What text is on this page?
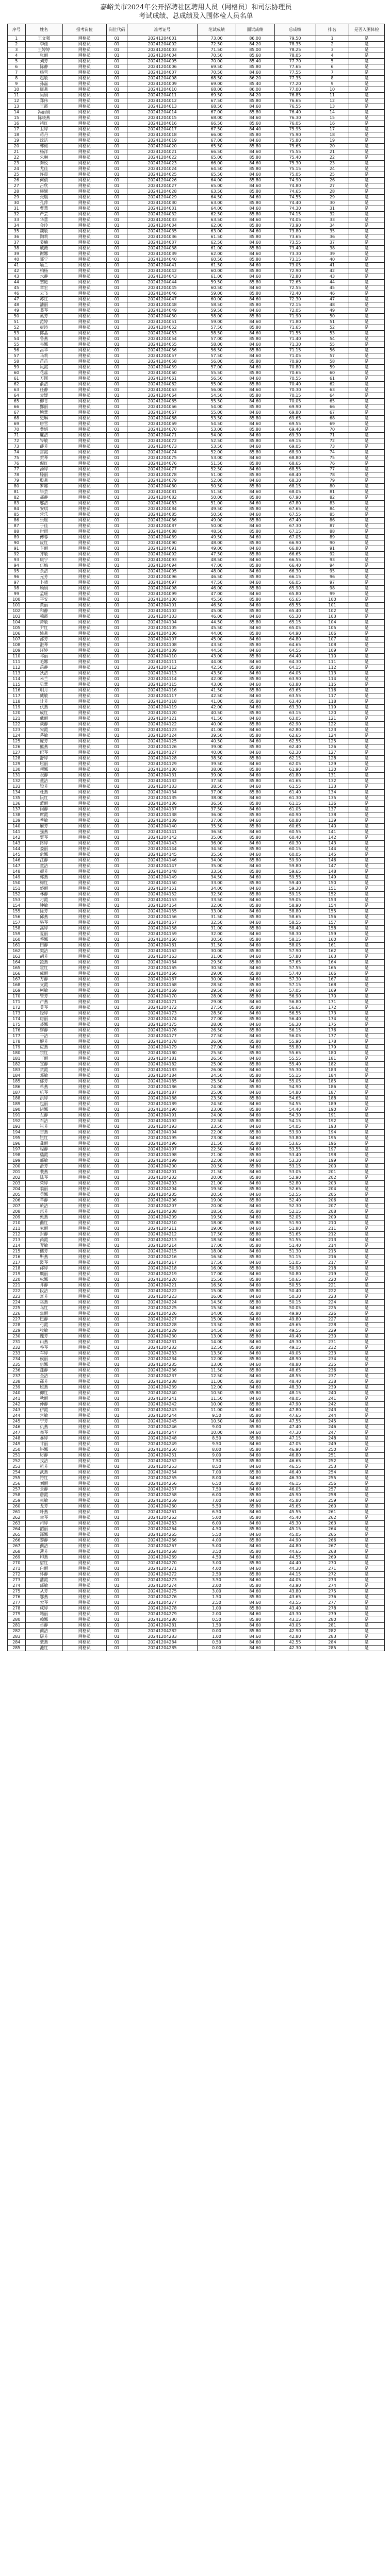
嘉峪关市2024年公开招聘社区聘用人员（网格员）和司法协理员
考试成绩、总成绩及入围体检人员名单
序号	姓名	报考岗位	岗位代码	准考证号	笔试成绩	面试成绩	总成绩	排名	是否入围体检
1	王文强	网格员	01	20241204001	73.00	86.00	79.50	1	是
2	李佳	网格员	01	20241204002	72.50	84.20	78.35	2	是
3	王婷婷	网格员	01	20241204003	71.50	85.00	78.25	3	是
4	张丽	网格员	01	20241204004	70.50	85.60	78.05	4	是
5	刘芳	网格员	01	20241204005	70.00	85.40	77.70	5	是
6	陈静	网格员	01	20241204006	69.50	85.80	77.65	6	是
7	杨雪	网格员	01	20241204007	70.50	84.60	77.55	7	是
8	赵敏	网格员	01	20241204008	68.50	86.20	77.35	8	是
9	孙磊	网格员	01	20241204009	69.00	85.40	77.20	9	是
10	周燕	网格员	01	20241204010	68.00	86.00	77.00	10	是
11	吴娟	网格员	01	20241204011	69.50	84.20	76.85	11	是
12	郑伟	网格员	01	20241204012	67.50	85.80	76.65	12	是
13	王霞	网格员	01	20241204013	68.50	84.60	76.55	13	是
14	冯丽娟	网格员	01	20241204014	67.00	85.80	76.40	14	是
15	陈晓燕	网格员	01	20241204015	68.00	84.60	76.30	15	是
16	褚红	网格员	01	20241204016	66.50	85.60	76.05	16	是
17	卫婷	网格员	01	20241204017	67.50	84.40	75.95	17	是
18	蒋丹	网格员	01	20241204018	66.00	85.80	75.90	18	是
19	沈洁	网格员	01	20241204019	67.00	84.60	75.80	19	是
20	韩梅	网格员	01	20241204020	65.50	85.80	75.65	20	是
21	杨洋	网格员	01	20241204021	66.50	84.60	75.55	21	是
22	朱琳	网格员	01	20241204022	65.00	85.80	75.40	22	是
23	秦悦	网格员	01	20241204023	66.00	84.60	75.30	23	是
24	尤佳	网格员	01	20241204024	64.50	85.80	75.15	24	是
25	许晨	网格员	01	20241204025	65.50	84.60	75.05	25	是
26	何倩	网格员	01	20241204026	64.00	85.80	74.90	26	是
27	吕欣	网格员	01	20241204027	65.00	84.60	74.80	27	是
28	施颖	网格员	01	20241204028	63.50	85.80	74.65	28	是
29	张瑞	网格员	01	20241204029	64.50	84.60	74.55	29	是
30	孔萍	网格员	01	20241204030	63.00	85.80	74.40	30	是
31	曹慧	网格员	01	20241204031	64.00	84.60	74.30	31	是
32	严芸	网格员	01	20241204032	62.50	85.80	74.15	32	是
33	华蕾	网格员	01	20241204033	63.50	84.60	74.05	33	是
34	金玲	网格员	01	20241204034	62.00	85.80	73.90	34	是
35	魏敏	网格员	01	20241204035	63.00	84.60	73.80	35	是
36	陶莉	网格员	01	20241204036	61.50	85.80	73.65	36	是
37	姜楠	网格员	01	20241204037	62.50	84.60	73.55	37	是
38	戚薇	网格员	01	20241204038	61.00	85.80	73.40	38	是
39	谢娜	网格员	01	20241204039	62.00	84.60	73.30	39	是
40	邹宁	网格员	01	20241204040	60.50	85.80	73.15	40	是
41	喻兰	网格员	01	20241204041	61.50	84.60	73.05	41	是
42	柏杨	网格员	01	20241204042	60.00	85.80	72.90	42	是
43	水静	网格员	01	20241204043	61.00	84.60	72.80	43	是
44	窦艳	网格员	01	20241204044	59.50	85.80	72.65	44	是
45	章宏	网格员	01	20241204045	60.50	84.60	72.55	45	是
46	云飞	网格员	01	20241204046	59.00	85.80	72.40	46	是
47	苏红	网格员	01	20241204047	60.00	84.60	72.30	47	是
48	潘丽	网格员	01	20241204048	58.50	85.80	72.15	48	是
49	葛琴	网格员	01	20241204049	59.50	84.60	72.05	49	是
50	奚芳	网格员	01	20241204050	58.00	85.80	71.90	50	是
51	范婷	网格员	01	20241204051	59.00	84.60	71.80	51	是
52	彭涛	网格员	01	20241204052	57.50	85.80	71.65	52	是
53	郎晶	网格员	01	20241204053	58.50	84.60	71.55	53	是
54	鲁燕	网格员	01	20241204054	57.00	85.80	71.40	54	是
55	韦娜	网格员	01	20241204055	58.00	84.60	71.30	55	是
56	昌华	网格员	01	20241204056	56.50	85.80	71.15	56	是
57	马莉	网格员	01	20241204057	57.50	84.60	71.05	57	是
58	苗苗	网格员	01	20241204058	56.00	85.80	70.90	58	是
59	凤霞	网格员	01	20241204059	57.00	84.60	70.80	59	是
60	花蕊	网格员	01	20241204060	55.50	85.80	70.65	60	是
61	方圆	网格员	01	20241204061	56.50	84.60	70.55	61	是
62	俞洁	网格员	01	20241204062	55.00	85.80	70.40	62	是
63	任静	网格员	01	20241204063	56.00	84.60	70.30	63	是
64	袁媛	网格员	01	20241204064	54.50	85.80	70.15	64	是
65	柳青	网格员	01	20241204065	55.50	84.60	70.05	65	是
66	酆丽	网格员	01	20241204066	54.00	85.80	69.90	66	是
67	鲍蕾	网格员	01	20241204067	55.00	84.60	69.80	67	是
68	史琳	网格员	01	20241204068	53.50	85.80	69.65	68	是
69	唐雪	网格员	01	20241204069	54.50	84.60	69.55	69	是
70	费娟	网格员	01	20241204070	53.00	85.80	69.40	70	是
71	廉洁	网格员	01	20241204071	54.00	84.60	69.30	71	是
72	岑敏	网格员	01	20241204072	52.50	85.80	69.15	72	是
73	薛芳	网格员	01	20241204073	53.50	84.60	69.05	73	是
74	雷霞	网格员	01	20241204074	52.00	85.80	68.90	74	是
75	贺琴	网格员	01	20241204075	53.00	84.60	68.80	75	是
76	倪红	网格员	01	20241204076	51.50	85.80	68.65	76	是
77	汤婷	网格员	01	20241204077	52.50	84.60	68.55	77	是
78	滕丽	网格员	01	20241204078	51.00	85.80	68.40	78	是
79	殷燕	网格员	01	20241204079	52.00	84.60	68.30	79	是
80	罗娜	网格员	01	20241204080	50.50	85.80	68.15	80	是
81	毕芸	网格员	01	20241204081	51.50	84.60	68.05	81	是
82	郝静	网格员	01	20241204082	50.00	85.80	67.90	82	是
83	邬洁	网格员	01	20241204083	51.00	84.60	67.80	83	是
84	安琪	网格员	01	20241204084	49.50	85.80	67.65	84	是
85	常乐	网格员	01	20241204085	50.50	84.60	67.55	85	是
86	乐瑶	网格员	01	20241204086	49.00	85.80	67.40	86	是
87	于佳	网格员	01	20241204087	50.00	84.60	67.30	87	是
88	时雨	网格员	01	20241204088	48.50	85.80	67.15	88	是
89	傅蓉	网格员	01	20241204089	49.50	84.60	67.05	89	是
90	皮红	网格员	01	20241204090	48.00	85.80	66.90	90	是
91	卞丽	网格员	01	20241204091	49.00	84.60	66.80	91	是
92	齐敏	网格员	01	20241204092	47.50	85.80	66.65	92	是
93	康宁	网格员	01	20241204093	48.50	84.60	66.55	93	是
94	伍梅	网格员	01	20241204094	47.00	85.80	66.40	94	是
95	余洁	网格员	01	20241204095	48.00	84.60	66.30	95	是
96	元芳	网格员	01	20241204096	46.50	85.80	66.15	96	是
97	卜晴	网格员	01	20241204097	47.50	84.60	66.05	97	是
98	顾娟	网格员	01	20241204098	46.00	85.80	65.90	98	是
99	孟瑶	网格员	01	20241204099	47.00	84.60	65.80	99	是
100	平安	网格员	01	20241204100	45.50	85.80	65.65	100	是
101	黄丽	网格员	01	20241204101	46.50	84.60	65.55	101	是
102	和静	网格员	01	20241204102	45.00	85.80	65.40	102	是
103	穆霞	网格员	01	20241204103	46.00	84.60	65.30	103	是
104	萧敏	网格员	01	20241204104	44.50	85.80	65.15	104	是
105	尹红	网格员	01	20241204105	45.50	84.60	65.05	105	是
106	姚燕	网格员	01	20241204106	44.00	85.80	64.90	106	是
107	邵芳	网格员	01	20241204107	45.00	84.60	64.80	107	是
108	湛琴	网格员	01	20241204108	43.50	85.80	64.65	108	是
109	汪婷	网格员	01	20241204109	44.50	84.60	64.55	109	是
110	祁丽	网格员	01	20241204110	43.00	85.80	64.40	110	是
111	毛娜	网格员	01	20241204111	44.00	84.60	64.30	111	是
112	禹静	网格员	01	20241204112	42.50	85.80	64.15	112	是
113	狄洁	网格员	01	20241204113	43.50	84.60	64.05	113	是
114	米兰	网格员	01	20241204114	42.00	85.80	63.90	114	是
115	贝蕾	网格员	01	20241204115	43.00	84.60	63.80	115	是
116	明月	网格员	01	20241204116	41.50	85.80	63.65	116	是
117	臧敏	网格员	01	20241204117	42.50	84.60	63.55	117	是
118	计芳	网格员	01	20241204118	41.00	85.80	63.40	118	是
119	伏燕	网格员	01	20241204119	42.00	84.60	63.30	119	是
120	成红	网格员	01	20241204120	40.50	85.80	63.15	120	是
121	戴丽	网格员	01	20241204121	41.50	84.60	63.05	121	是
122	谈静	网格员	01	20241204122	40.00	85.80	62.90	122	是
123	宋霞	网格员	01	20241204123	41.00	84.60	62.80	123	是
124	茅敏	网格员	01	20241204124	39.50	85.80	62.65	124	是
125	庞芳	网格员	01	20241204125	40.50	84.60	62.55	125	是
126	熊燕	网格员	01	20241204126	39.00	85.80	62.40	126	是
127	纪琴	网格员	01	20241204127	40.00	84.60	62.30	127	是
128	舒婷	网格员	01	20241204128	38.50	85.80	62.15	128	是
129	屈丽	网格员	01	20241204129	39.50	84.60	62.05	129	是
130	项娜	网格员	01	20241204130	38.00	85.80	61.90	130	是
131	祝静	网格员	01	20241204131	39.00	84.60	61.80	131	是
132	董洁	网格员	01	20241204132	37.50	85.80	61.65	132	是
133	梁芳	网格员	01	20241204133	38.50	84.60	61.55	133	是
134	杜燕	网格员	01	20241204134	37.00	85.80	61.40	134	是
135	阮红	网格员	01	20241204135	38.00	84.60	61.30	135	是
136	蓝丽	网格员	01	20241204136	36.50	85.80	61.15	136	是
137	闵静	网格员	01	20241204137	37.50	84.60	61.05	137	是
138	席霞	网格员	01	20241204138	36.00	85.80	60.90	138	是
139	季敏	网格员	01	20241204139	37.00	84.60	60.80	139	是
140	麻芳	网格员	01	20241204140	35.50	85.80	60.65	140	是
141	强燕	网格员	01	20241204141	36.50	84.60	60.55	141	是
142	贾琴	网格员	01	20241204142	35.00	85.80	60.40	142	是
143	路婷	网格员	01	20241204143	36.00	84.60	60.30	143	是
144	娄丽	网格员	01	20241204144	34.50	85.80	60.15	144	是
145	危娜	网格员	01	20241204145	35.50	84.60	60.05	145	是
146	江静	网格员	01	20241204146	34.00	85.80	59.90	146	是
147	童洁	网格员	01	20241204147	35.00	84.60	59.80	147	是
148	颜芳	网格员	01	20241204148	33.50	85.80	59.65	148	是
149	郭燕	网格员	01	20241204149	34.50	84.60	59.55	149	是
150	梅红	网格员	01	20241204150	33.00	85.80	59.40	150	是
151	盛丽	网格员	01	20241204151	34.00	84.60	59.30	151	是
152	林静	网格员	01	20241204152	32.50	85.80	59.15	152	是
153	刁霞	网格员	01	20241204153	33.50	84.60	59.05	153	是
154	钟敏	网格员	01	20241204154	32.00	85.80	58.90	154	是
155	徐芳	网格员	01	20241204155	33.00	84.60	58.80	155	是
156	邱燕	网格员	01	20241204156	31.50	85.80	58.65	156	是
157	骆琴	网格员	01	20241204157	32.50	84.60	58.55	157	是
158	高婷	网格员	01	20241204158	31.00	85.80	58.40	158	是
159	夏丽	网格员	01	20241204159	32.00	84.60	58.30	159	是
160	蔡娜	网格员	01	20241204160	30.50	85.80	58.15	160	是
161	田静	网格员	01	20241204161	31.50	84.60	58.05	161	是
162	樊洁	网格员	01	20241204162	30.00	85.80	57.90	162	是
163	胡芳	网格员	01	20241204163	31.00	84.60	57.80	163	是
164	凌燕	网格员	01	20241204164	29.50	85.80	57.65	164	是
165	霍红	网格员	01	20241204165	30.50	84.60	57.55	165	是
166	虞丽	网格员	01	20241204166	29.00	85.80	57.40	166	是
167	万静	网格员	01	20241204167	30.00	84.60	57.30	167	是
168	支霞	网格员	01	20241204168	28.50	85.80	57.15	168	是
169	柯敏	网格员	01	20241204169	29.50	84.60	57.05	169	是
170	管芳	网格员	01	20241204170	28.00	85.80	56.90	170	是
171	卢燕	网格员	01	20241204171	29.00	84.60	56.80	171	是
172	莫琴	网格员	01	20241204172	27.50	85.80	56.65	172	是
173	经婷	网格员	01	20241204173	28.50	84.60	56.55	173	是
174	房丽	网格员	01	20241204174	27.00	85.80	56.40	174	是
175	裘娜	网格员	01	20241204175	28.00	84.60	56.30	175	是
176	缪静	网格员	01	20241204176	26.50	85.80	56.15	176	是
177	干洁	网格员	01	20241204177	27.50	84.60	56.05	177	是
178	解芳	网格员	01	20241204178	26.00	85.80	55.90	178	是
179	应燕	网格员	01	20241204179	27.00	84.60	55.80	179	是
180	宗红	网格员	01	20241204180	25.50	85.80	55.65	180	是
181	丁丽	网格员	01	20241204181	26.50	84.60	55.55	181	是
182	宣静	网格员	01	20241204182	25.00	85.80	55.40	182	是
183	贲霞	网格员	01	20241204183	26.00	84.60	55.30	183	是
184	邓敏	网格员	01	20241204184	24.50	85.80	55.15	184	是
185	郁芳	网格员	01	20241204185	25.50	84.60	55.05	185	是
186	单燕	网格员	01	20241204186	24.00	85.80	54.90	186	是
187	杭琴	网格员	01	20241204187	25.00	84.60	54.80	187	是
188	洪婷	网格员	01	20241204188	23.50	85.80	54.65	188	是
189	包丽	网格员	01	20241204189	24.50	84.60	54.55	189	是
190	诸娜	网格员	01	20241204190	23.00	85.80	54.40	190	是
191	左静	网格员	01	20241204191	24.00	84.60	54.30	191	是
192	石洁	网格员	01	20241204192	22.50	85.80	54.15	192	是
193	崔芳	网格员	01	20241204193	23.50	84.60	54.05	193	是
194	吉燕	网格员	01	20241204194	22.00	85.80	53.90	194	是
195	钮红	网格员	01	20241204195	23.00	84.60	53.80	195	是
196	龚丽	网格员	01	20241204196	21.50	85.80	53.65	196	是
197	程静	网格员	01	20241204197	22.50	84.60	53.55	197	是
198	嵇霞	网格员	01	20241204198	21.00	85.80	53.40	198	是
199	邢敏	网格员	01	20241204199	22.00	84.60	53.30	199	是
200	滑芳	网格员	01	20241204200	20.50	85.80	53.15	200	是
201	裴燕	网格员	01	20241204201	21.50	84.60	53.05	201	是
202	陆琴	网格员	01	20241204202	20.00	85.80	52.90	202	是
203	荣婷	网格员	01	20241204203	21.00	84.60	52.80	203	是
204	翁丽	网格员	01	20241204204	19.50	85.80	52.65	204	是
205	荀娜	网格员	01	20241204205	20.50	84.60	52.55	205	是
206	羊静	网格员	01	20241204206	19.00	85.80	52.40	206	是
207	於洁	网格员	01	20241204207	20.00	84.60	52.30	207	是
208	惠芳	网格员	01	20241204208	18.50	85.80	52.15	208	是
209	甄燕	网格员	01	20241204209	19.50	84.60	52.05	209	是
210	曲红	网格员	01	20241204210	18.00	85.80	51.90	210	是
211	家丽	网格员	01	20241204211	19.00	84.60	51.80	211	是
212	封静	网格员	01	20241204212	17.50	85.80	51.65	212	是
213	芮霞	网格员	01	20241204213	18.50	84.60	51.55	213	是
214	羿敏	网格员	01	20241204214	17.00	85.80	51.40	214	是
215	储芳	网格员	01	20241204215	18.00	84.60	51.30	215	是
216	靳燕	网格员	01	20241204216	16.50	85.80	51.15	216	是
217	汲琴	网格员	01	20241204217	17.50	84.60	51.05	217	是
218	邴婷	网格员	01	20241204218	16.00	85.80	50.90	218	是
219	糜丽	网格员	01	20241204219	17.00	84.60	50.80	219	是
220	松娜	网格员	01	20241204220	15.50	85.80	50.65	220	是
221	井静	网格员	01	20241204221	16.50	84.60	50.55	221	是
222	段洁	网格员	01	20241204222	15.00	85.80	50.40	222	是
223	富芳	网格员	01	20241204223	16.00	84.60	50.30	223	是
224	巫燕	网格员	01	20241204224	14.50	85.80	50.15	224	是
225	乌红	网格员	01	20241204225	15.50	84.60	50.05	225	是
226	焦丽	网格员	01	20241204226	14.00	85.80	49.90	226	是
227	巴静	网格员	01	20241204227	15.00	84.60	49.80	227	是
228	弓霞	网格员	01	20241204228	13.50	85.80	49.65	228	是
229	牧敏	网格员	01	20241204229	14.50	84.60	49.55	229	是
230	隗芳	网格员	01	20241204230	13.00	85.80	49.40	230	是
231	山燕	网格员	01	20241204231	14.00	84.60	49.30	231	是
232	谷琴	网格员	01	20241204232	12.50	85.80	49.15	232	是
233	车婷	网格员	01	20241204233	13.50	84.60	49.05	233	是
234	侯丽	网格员	01	20241204234	12.00	85.80	48.90	234	是
235	宓娜	网格员	01	20241204235	13.00	84.60	48.80	235	是
236	蓬静	网格员	01	20241204236	11.50	85.80	48.65	236	是
237	全洁	网格员	01	20241204237	12.50	84.60	48.55	237	是
238	郗芳	网格员	01	20241204238	11.00	85.80	48.40	238	是
239	班燕	网格员	01	20241204239	12.00	84.60	48.30	239	是
240	仰红	网格员	01	20241204240	10.50	85.80	48.15	240	是
241	秋丽	网格员	01	20241204241	11.50	84.60	48.05	241	是
242	仲静	网格员	01	20241204242	10.00	85.80	47.90	242	是
243	伊霞	网格员	01	20241204243	11.00	84.60	47.80	243	是
244	宫敏	网格员	01	20241204244	9.50	85.80	47.65	244	是
245	宁芳	网格员	01	20241204245	10.50	84.60	47.55	245	是
246	仇燕	网格员	01	20241204246	9.00	85.80	47.40	246	是
247	栾琴	网格员	01	20241204247	10.00	84.60	47.30	247	是
248	暴婷	网格员	01	20241204248	8.50	85.80	47.15	248	是
249	甘丽	网格员	01	20241204249	9.50	84.60	47.05	249	是
250	钭娜	网格员	01	20241204250	8.00	85.80	46.90	250	是
251	厉静	网格员	01	20241204251	9.00	84.60	46.80	251	是
252	戎洁	网格员	01	20241204252	7.50	85.80	46.65	252	是
253	祖芳	网格员	01	20241204253	8.50	84.60	46.55	253	是
254	武燕	网格员	01	20241204254	7.00	85.80	46.40	254	是
255	符红	网格员	01	20241204255	8.00	84.60	46.30	255	是
256	刘丽	网格员	01	20241204256	6.50	85.80	46.15	256	是
257	景静	网格员	01	20241204257	7.50	84.60	46.05	257	是
258	詹霞	网格员	01	20241204258	6.00	85.80	45.90	258	是
259	束敏	网格员	01	20241204259	7.00	84.60	45.80	259	是
260	龙芳	网格员	01	20241204260	5.50	85.80	45.65	260	是
261	叶燕	网格员	01	20241204261	6.50	84.60	45.55	261	是
262	幸琴	网格员	01	20241204262	5.00	85.80	45.40	262	是
263	司婷	网格员	01	20241204263	6.00	84.60	45.30	263	是
264	韶丽	网格员	01	20241204264	4.50	85.80	45.15	264	是
265	郜娜	网格员	01	20241204265	5.50	84.60	45.05	265	是
266	黎静	网格员	01	20241204266	4.00	85.80	44.90	266	是
267	蓟洁	网格员	01	20241204267	5.00	84.60	44.80	267	是
268	薄芳	网格员	01	20241204268	3.50	85.80	44.65	268	是
269	印燕	网格员	01	20241204269	4.50	84.60	44.55	269	是
270	宿红	网格员	01	20241204270	3.00	85.80	44.40	270	是
271	白丽	网格员	01	20241204271	4.00	84.60	44.30	271	是
272	怀静	网格员	01	20241204272	2.50	85.80	44.15	272	是
273	蒲霞	网格员	01	20241204273	3.50	84.60	44.05	273	是
274	邰敏	网格员	01	20241204274	2.00	85.80	43.90	274	是
275	从芳	网格员	01	20241204275	3.00	84.60	43.80	275	是
276	鄂燕	网格员	01	20241204276	1.50	85.80	43.65	276	是
277	索琴	网格员	01	20241204277	2.50	84.60	43.55	277	是
278	咸婷	网格员	01	20241204278	1.00	85.80	43.40	278	是
279	籍丽	网格员	01	20241204279	2.00	84.60	43.30	279	是
280	赖娜	网格员	01	20241204280	0.50	85.80	43.15	280	是
281	卓静	网格员	01	20241204281	1.50	84.60	43.05	281	是
282	蔺洁	网格员	01	20241204282	0.00	85.80	42.90	282	是
283	屠芳	网格员	01	20241204283	1.00	84.60	42.80	283	是
284	蒙燕	网格员	01	20241204284	0.50	84.60	42.55	284	是
285	池红	网格员	01	20241204285	0.00	84.60	42.30	285	是
